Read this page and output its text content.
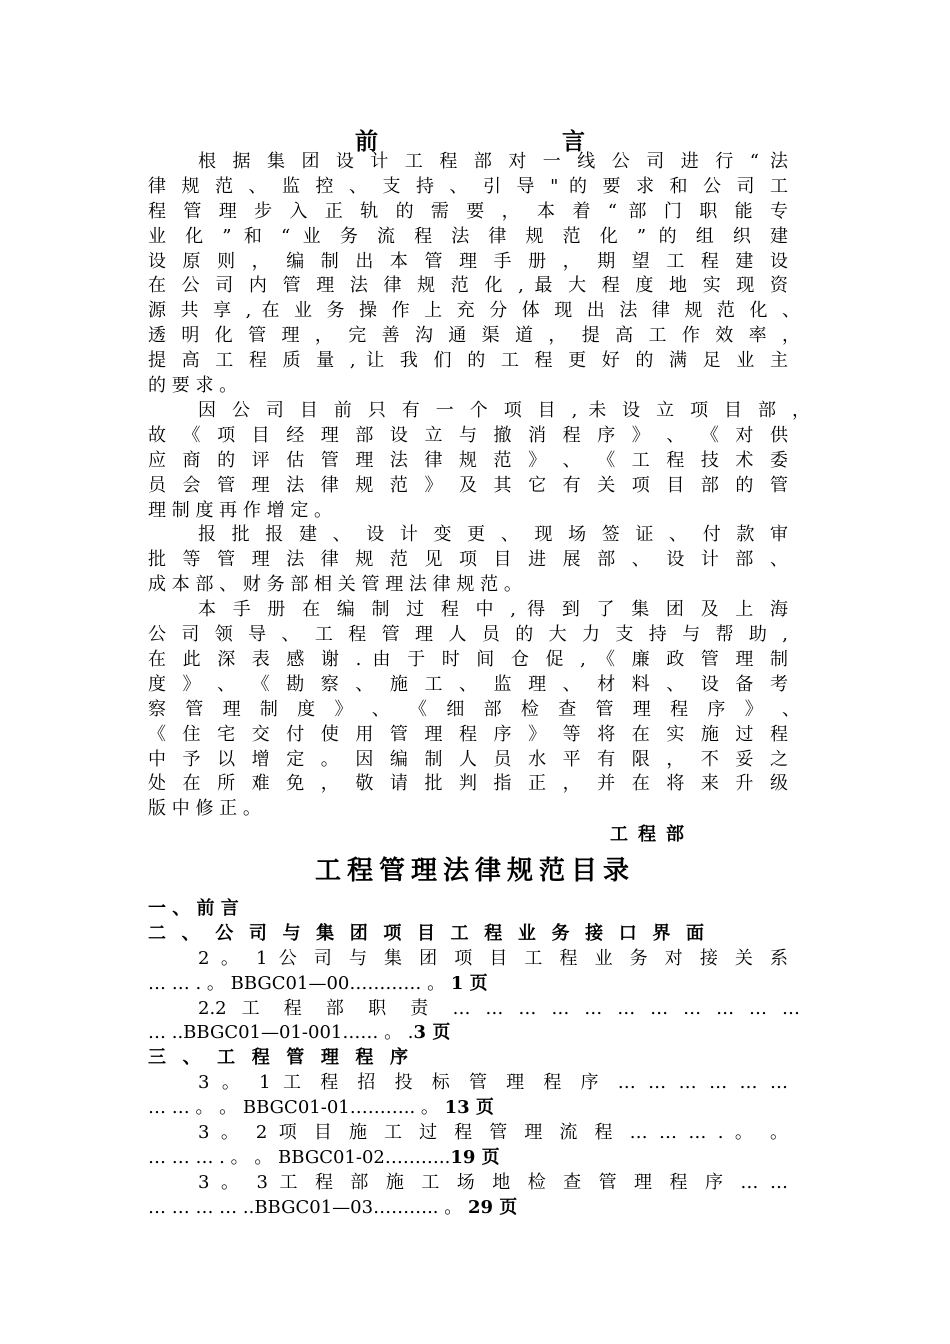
前	言
根 据 集 团 设 计 工 程 部 对 一 线 公 司 进 行 “ 法
律 规 范 、 监 控 、 支 持 、 引 导 " 的 要 求 和 公 司 工
程 管 理 步 入 正 轨 的 需 要 ， 本 着 “ 部 门 职 能 专
业 化 ” 和 “ 业 务 流 程 法 律 规 范 化 ” 的 组 织 建
设 原 则 ， 编 制 出 本 管 理 手 册 ， 期 望 工 程 建 设
在 公 司 内 管 理 法 律 规 范 化 , 最 大 程 度 地 实 现 资
源 共 享 , 在 业 务 操 作 上 充 分 体 现 出 法 律 规 范 化 、
透 明 化 管 理 ， 完 善 沟 通 渠 道 ， 提 高 工 作 效 率 ，
提 高 工 程 质 量 , 让 我 们 的 工 程 更 好 的 满 足 业 主
的 要 求 。
因 公 司 目 前 只 有 一 个 项 目 , 未 设 立 项 目 部 ，
故 《 项 目 经 理 部 设 立 与 撤 消 程 序 》 、 《 对 供
应 商 的 评 估 管 理 法 律 规 范 》 、 《 工 程 技 术 委
员 会 管 理 法 律 规 范 》 及 其 它 有 关 项 目 部 的 管
理 制 度 再 作 增 定 。
报 批 报 建 、 设 计 变 更 、 现 场 签 证 、 付 款 审
批 等 管 理 法 律 规 范 见 项 目 进 展 部 、 设 计 部 、
成 本 部 、 财 务 部 相 关 管 理 法 律 规 范 。
本 手 册 在 编 制 过 程 中 , 得 到 了 集 团 及 上 海
公 司 领 导 、 工 程 管 理 人 员 的 大 力 支 持 与 帮 助 ,
在 此 深 表 感 谢 . 由 于 时 间 仓 促 , 《 廉 政 管 理 制
度 》 、 《 勘 察 、 施 工 、 监 理 、 材 料 、 设 备 考
察 管 理 制 度 》 、 《 细 部 检 查 管 理 程 序 》 、
《 住 宅 交 付 使 用 管 理 程 序 》 等 将 在 实 施 过 程
中 予 以 增 定 。 因 编 制 人 员 水 平 有 限 ， 不 妥 之
处 在 所 难 免 ， 敬 请 批 判 指 正 ， 并 在 将 来 升 级
版 中 修 正 。
工程部
工程管理法律规范目录
一 、 前 言
二 、 公 司 与 集 团 项 目 工 程 业 务 接 口 界 面
2 。 1 公 司 与 集 团 项 目 工 程 业 务 对 接 关 系
… … . 。 BBGC01—00………… 。 1 页
2.2 工 程 部 职 责 … … … … … … … … … … …
… ..BBGC01—01-001…… 。 .3 页
三 、 工 程 管 理 程 序
3 。 1 工 程 招 投 标 管 理 程 序 … … … … … …
… … 。 。 BBGC01-01……….. 。 13 页
3 。 2 项 目 施 工 过 程 管 理 流 程 … … … . 。 。
… … … . 。 。 BBGC01-02………..19 页
3 。 3 工 程 部 施 工 场 地 检 查 管 理 程 序 … …
… … … … ..BBGC01—03……….. 。 29 页
